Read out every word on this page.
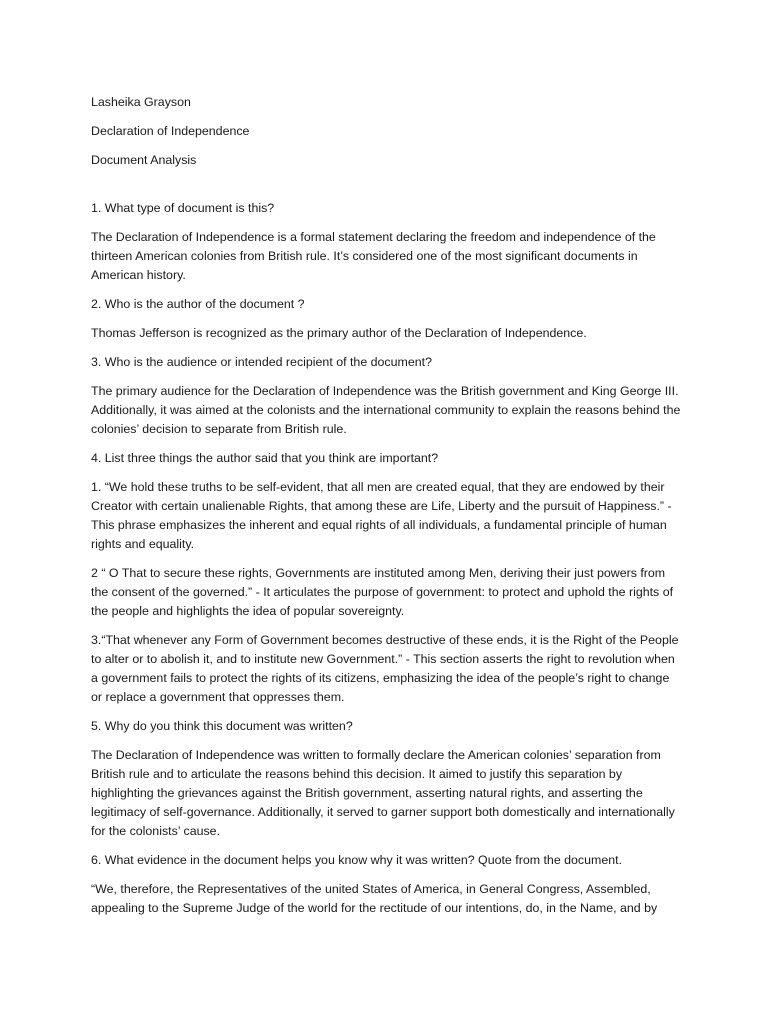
Lasheika Grayson

Declaration of Independence

Document Analysis

1. What type of document is this?

The Declaration of Independence is a formal statement declaring the freedom and independence of the thirteen American colonies from British rule. It’s considered one of the most significant documents in American history.

2. Who is the author of the document ?

Thomas Jefferson is recognized as the primary author of the Declaration of Independence.

3. Who is the audience or intended recipient of the document?

The primary audience for the Declaration of Independence was the British government and King George III. Additionally, it was aimed at the colonists and the international community to explain the reasons behind the colonies’ decision to separate from British rule.

4. List three things the author said that you think are important?

1. “We hold these truths to be self-evident, that all men are created equal, that they are endowed by their Creator with certain unalienable Rights, that among these are Life, Liberty and the pursuit of Happiness.” - This phrase emphasizes the inherent and equal rights of all individuals, a fundamental principle of human rights and equality.

2 “ O That to secure these rights, Governments are instituted among Men, deriving their just powers from the consent of the governed.” - It articulates the purpose of government: to protect and uphold the rights of the people and highlights the idea of popular sovereignty.

3.“That whenever any Form of Government becomes destructive of these ends, it is the Right of the People to alter or to abolish it, and to institute new Government.” - This section asserts the right to revolution when a government fails to protect the rights of its citizens, emphasizing the idea of the people’s right to change or replace a government that oppresses them.

5. Why do you think this document was written?

The Declaration of Independence was written to formally declare the American colonies’ separation from British rule and to articulate the reasons behind this decision. It aimed to justify this separation by highlighting the grievances against the British government, asserting natural rights, and asserting the legitimacy of self-governance. Additionally, it served to garner support both domestically and internationally for the colonists’ cause.

6. What evidence in the document helps you know why it was written? Quote from the document.

“We, therefore, the Representatives of the united States of America, in General Congress, Assembled, appealing to the Supreme Judge of the world for the rectitude of our intentions, do, in the Name, and by
